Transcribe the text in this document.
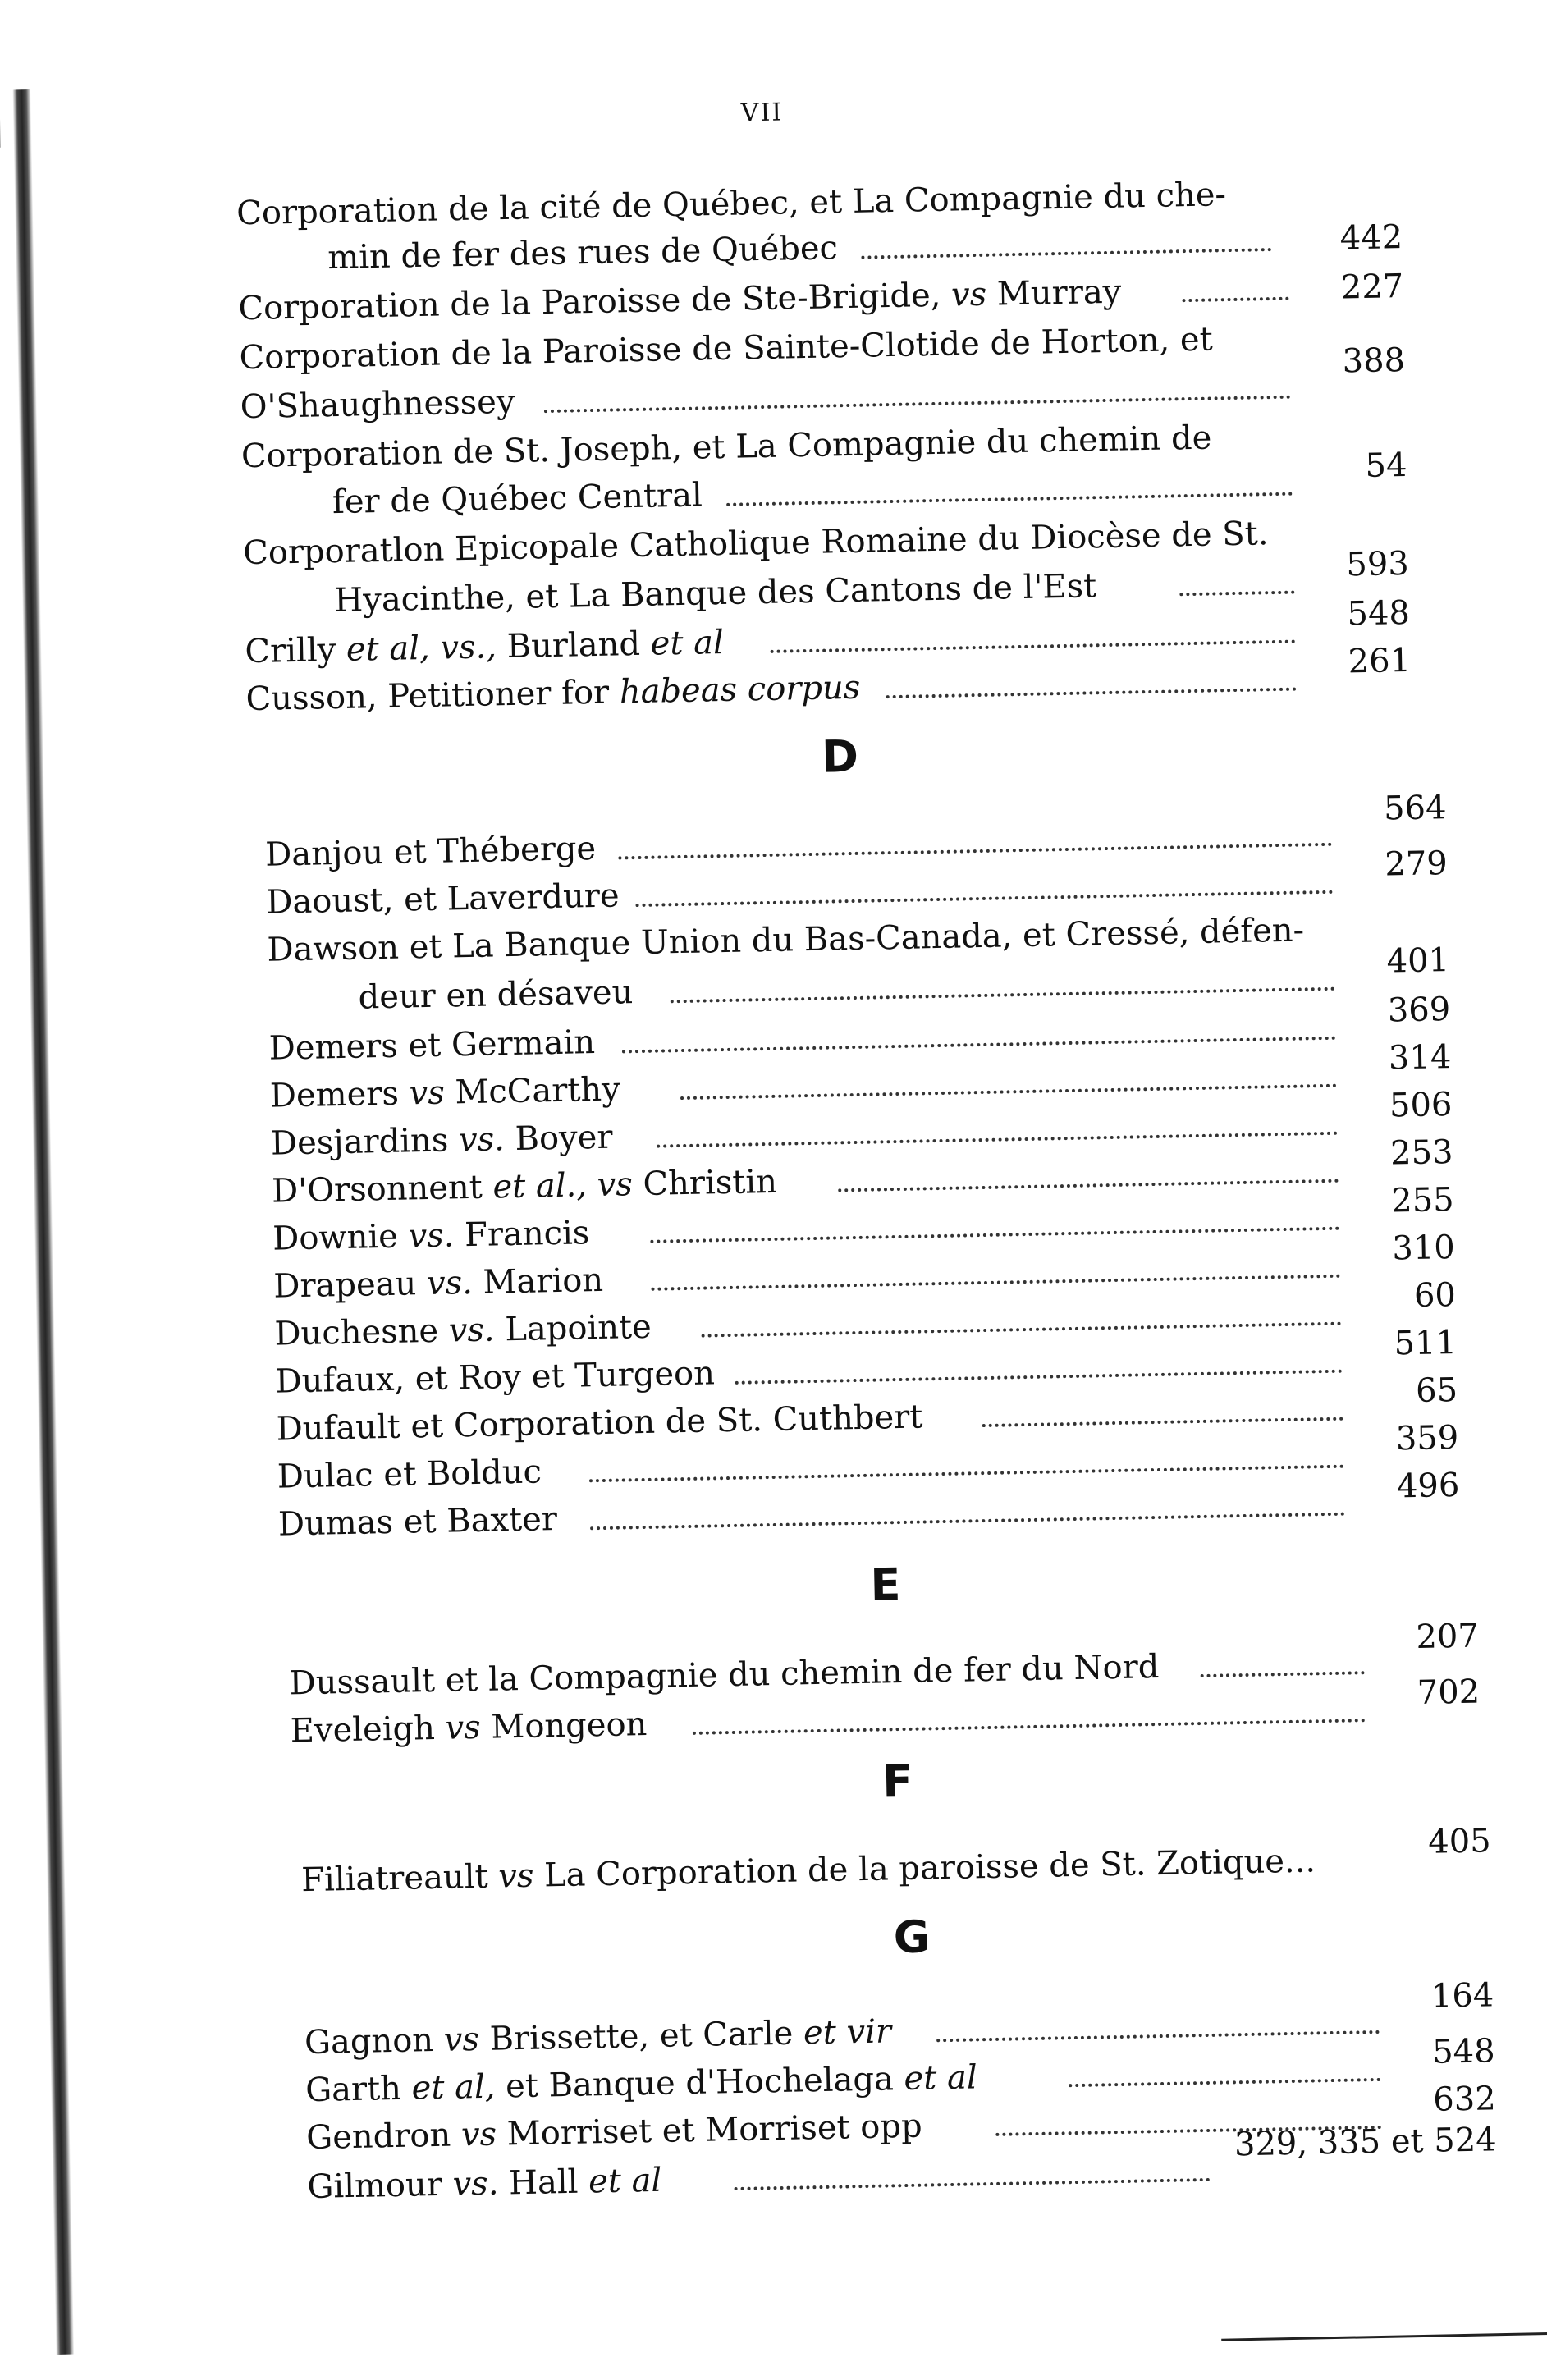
VII
Corporation de la cité de Québec, et La Compagnie du che-
min de fer des rues de Québec	442
Corporation de la Paroisse de Ste-Brigide, vs Murray	227
Corporation de la Paroisse de Sainte-Clotide de Horton, et
O'Shaughnessey
388
Corporation de St. Joseph, et La Compagnie du chemin de
fer de Québec Central
54
Corporatlon Epicopale Catholique Romaine du Diocèse de St.
Hyacinthe, et La Banque des Cantons de l'Est
593
Crilly et al, vs., Burland et al
548
Cusson, Petitioner for habeas corpus
261
D
Danjou et Théberge
564
Daoust, et Laverdure
279
Dawson et La Banque Union du Bas-Canada, et Cressé, défen-
deur en désaveu
401
Demers et Germain
369
Demers vs McCarthy
314
Desjardins vs. Boyer
506
D'Orsonnent et al., vs Christin
253
Downie vs. Francis
255
Drapeau vs. Marion
310
Duchesne vs. Lapointe
60
Dufaux, et Roy et Turgeon
511
Dufault et Corporation de St. Cuthbert
65
Dulac et Bolduc
359
Dumas et Baxter
496
E
Dussault et la Compagnie du chemin de fer du Nord
207
Eveleigh vs Mongeon
702
F
Filiatreault vs La Corporation de la paroisse de St. Zotique...
405
G
Gagnon vs Brissette, et Carle et vir
164
Garth et al, et Banque d'Hochelaga et al
548
Gendron vs Morriset et Morriset opp
632
Gilmour vs. Hall et al
329, 335 et 524
